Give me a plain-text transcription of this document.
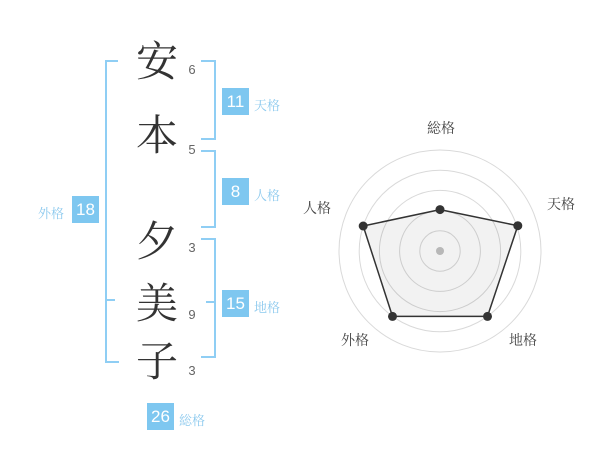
安
本
夕
美
子
6
5
3
9
3
11 天格
8	人格
15 地格
外格 18
26 総格
総格
天格
地格
外格
人格
